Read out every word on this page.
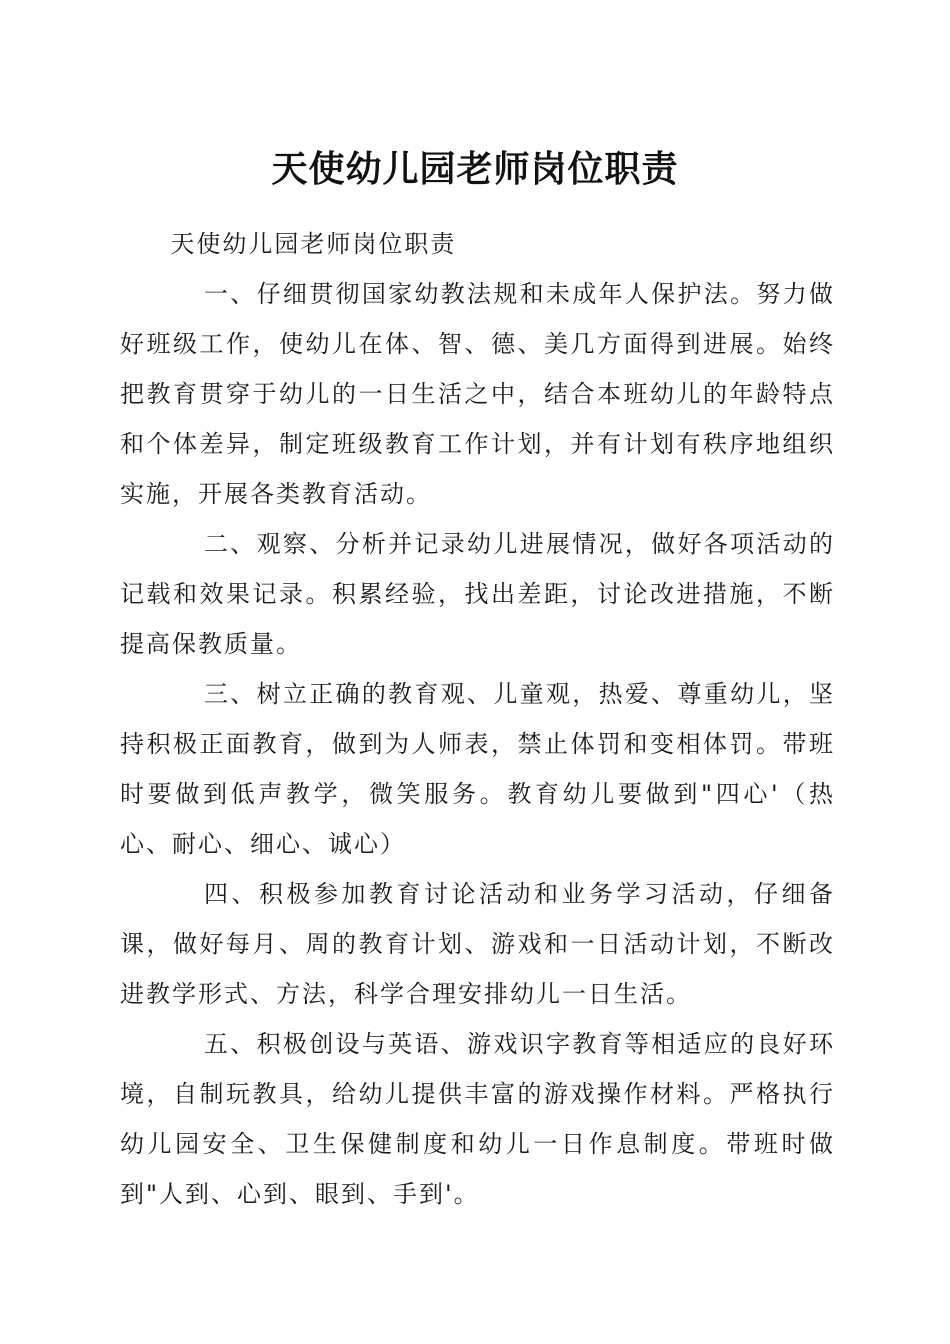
天使幼儿园老师岗位职责

天使幼儿园老师岗位职责

一、仔细贯彻国家幼教法规和未成年人保护法。努力做好班级工作，使幼儿在体、智、德、美几方面得到进展。始终把教育贯穿于幼儿的一日生活之中，结合本班幼儿的年龄特点和个体差异，制定班级教育工作计划，并有计划有秩序地组织实施，开展各类教育活动。

二、观察、分析并记录幼儿进展情况，做好各项活动的记载和效果记录。积累经验，找出差距，讨论改进措施，不断提高保教质量。

三、树立正确的教育观、儿童观，热爱、尊重幼儿，坚持积极正面教育，做到为人师表，禁止体罚和变相体罚。带班时要做到低声教学，微笑服务。教育幼儿要做到"四心'（热心、耐心、细心、诚心）

四、积极参加教育讨论活动和业务学习活动，仔细备课，做好每月、周的教育计划、游戏和一日活动计划，不断改进教学形式、方法，科学合理安排幼儿一日生活。

五、积极创设与英语、游戏识字教育等相适应的良好环境，自制玩教具，给幼儿提供丰富的游戏操作材料。严格执行幼儿园安全、卫生保健制度和幼儿一日作息制度。带班时做到"人到、心到、眼到、手到'。
